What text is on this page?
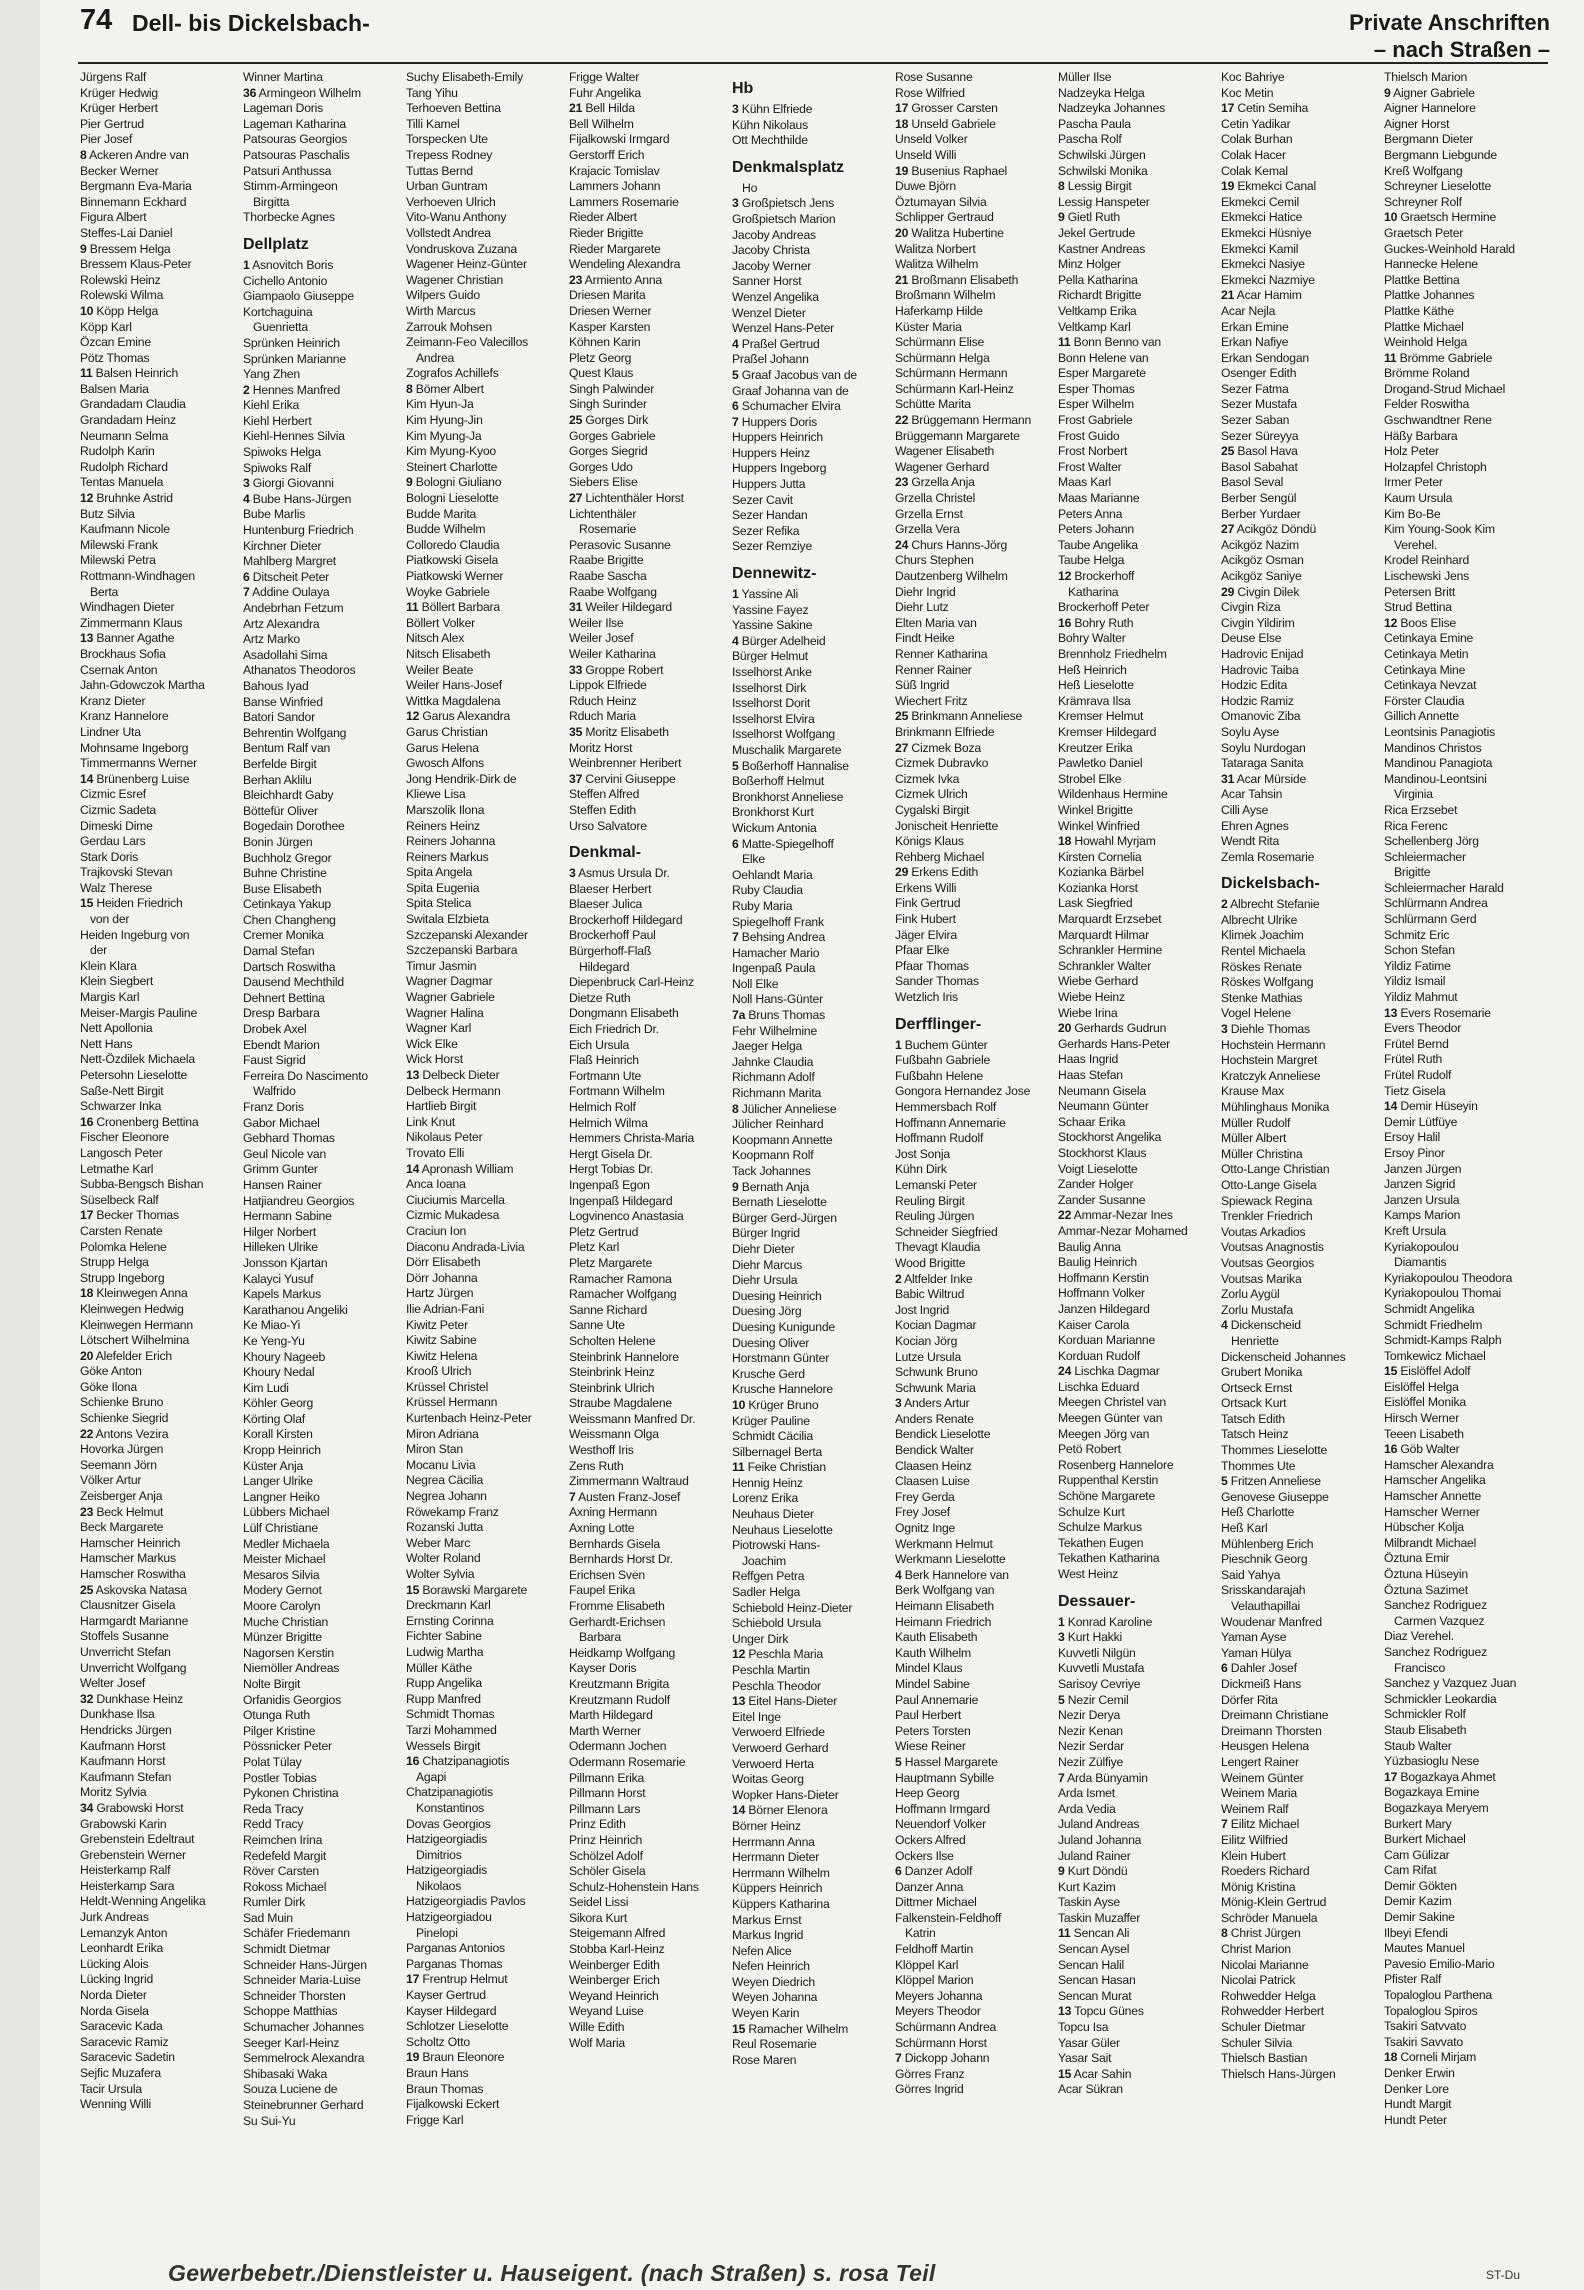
74 Dell- bis Dickelsbach-	Private Anschriften
– nach Straßen –
Jürgens Ralf
Krüger Hedwig
Krüger Herbert
Pier Gertrud
Pier Josef
8 Ackeren Andre van
Becker Werner
Bergmann Eva-Maria
Binnemann Eckhard
Figura Albert
Steffes-Lai Daniel
9 Bressem Helga
Bressem Klaus-Peter
Rolewski Heinz
Rolewski Wilma
10 Köpp Helga
Köpp Karl
Özcan Emine
Pötz Thomas
11 Balsen Heinrich
Balsen Maria
Grandadam Claudia
Grandadam Heinz
Neumann Selma
Rudolph Karin
Rudolph Richard
Tentas Manuela
12 Bruhnke Astrid
Butz Silvia
Kaufmann Nicole
Milewski Frank
Milewski Petra
Rottmann-Windhagen
Berta
Windhagen Dieter
Zimmermann Klaus
13 Banner Agathe
Brockhaus Sofia
Csernak Anton
Jahn-Gdowczok Martha
Kranz Dieter
Kranz Hannelore
Lindner Uta
Mohnsame Ingeborg
Timmermanns Werner
14 Brünenberg Luise
Cizmic Esref
Cizmic Sadeta
Dimeski Dime
Gerdau Lars
Stark Doris
Trajkovski Stevan
Walz Therese
15 Heiden Friedrich
von der
Heiden Ingeburg von
der
Klein Klara
Klein Siegbert
Margis Karl
Meiser-Margis Pauline
Nett Apollonia
Nett Hans
Nett-Özdilek Michaela
Petersohn Lieselotte
Saße-Nett Birgit
Schwarzer Inka
16 Cronenberg Bettina
Fischer Eleonore
Langosch Peter
Letmathe Karl
Subba-Bengsch Bishan
Süselbeck Ralf
17 Becker Thomas
Carsten Renate
Polomka Helene
Strupp Helga
Strupp Ingeborg
18 Kleinwegen Anna
Kleinwegen Hedwig
Kleinwegen Hermann
Lötschert Wilhelmina
20 Alefelder Erich
Göke Anton
Göke Ilona
Schienke Bruno
Schienke Siegrid
22 Antons Vezira
Hovorka Jürgen
Seemann Jörn
Völker Artur
Zeisberger Anja
23 Beck Helmut
Beck Margarete
Hamscher Heinrich
Hamscher Markus
Hamscher Roswitha
25 Askovska Natasa
Clausnitzer Gisela
Harmgardt Marianne
Stoffels Susanne
Unverricht Stefan
Unverricht Wolfgang
Welter Josef
32 Dunkhase Heinz
Dunkhase Ilsa
Hendricks Jürgen
Kaufmann Horst
Kaufmann Horst
Kaufmann Stefan
Moritz Sylvia
34 Grabowski Horst
Grabowski Karin
Grebenstein Edeltraut
Grebenstein Werner
Heisterkamp Ralf
Heisterkamp Sara
Heldt-Wenning Angelika
Jurk Andreas
Lemanzyk Anton
Leonhardt Erika
Lücking Alois
Lücking Ingrid
Norda Dieter
Norda Gisela
Saracevic Kada
Saracevic Ramiz
Saracevic Sadetin
Sejfic Muzafera
Tacir Ursula
Wenning Willi
Winner Martina
36 Armingeon Wilhelm
Lageman Doris
Lageman Katharina
Patsouras Georgios
Patsouras Paschalis
Patsuri Anthussa
Stimm-Armingeon
Birgitta
Thorbecke Agnes
Dellplatz
1 Asnovitch Boris
Cichello Antonio
Giampaolo Giuseppe
Kortchaguina
Guenrietta
Sprünken Heinrich
Sprünken Marianne
Yang Zhen
2 Hennes Manfred
Kiehl Erika
Kiehl Herbert
Kiehl-Hennes Silvia
Spiwoks Helga
Spiwoks Ralf
3 Giorgi Giovanni
4 Bube Hans-Jürgen
Bube Marlis
Huntenburg Friedrich
Kirchner Dieter
Mahlberg Margret
6 Ditscheit Peter
7 Addine Oulaya
Andebrhan Fetzum
Artz Alexandra
Artz Marko
Asadollahi Sima
Athanatos Theodoros
Bahous Iyad
Banse Winfried
Batori Sandor
Behrentin Wolfgang
Bentum Ralf van
Berfelde Birgit
Berhan Aklilu
Bleichhardt Gaby
Böttefür Oliver
Bogedain Dorothee
Bonin Jürgen
Buchholz Gregor
Buhne Christine
Buse Elisabeth
Cetinkaya Yakup
Chen Changheng
Cremer Monika
Damal Stefan
Dartsch Roswitha
Dausend Mechthild
Dehnert Bettina
Dresp Barbara
Drobek Axel
Ebendt Marion
Faust Sigrid
Ferreira Do Nascimento
Walfrido
Franz Doris
Gabor Michael
Gebhard Thomas
Geul Nicole van
Grimm Gunter
Hansen Rainer
Hatjiandreu Georgios
Hermann Sabine
Hilger Norbert
Hilleken Ulrike
Jonsson Kjartan
Kalayci Yusuf
Kapels Markus
Karathanou Angeliki
Ke Miao-Yi
Ke Yeng-Yu
Khoury Nageeb
Khoury Nedal
Kim Ludi
Köhler Georg
Körting Olaf
Korall Kirsten
Kropp Heinrich
Küster Anja
Langer Ulrike
Langner Heiko
Lübbers Michael
Lülf Christiane
Medler Michaela
Meister Michael
Mesaros Silvia
Modery Gernot
Moore Carolyn
Muche Christian
Münzer Brigitte
Nagorsen Kerstin
Niemöller Andreas
Nolte Birgit
Orfanidis Georgios
Otunga Ruth
Pilger Kristine
Pössnicker Peter
Polat Tülay
Postler Tobias
Pykonen Christina
Reda Tracy
Redd Tracy
Reimchen Irina
Redefeld Margit
Röver Carsten
Rokoss Michael
Rumler Dirk
Sad Muin
Schäfer Friedemann
Schmidt Dietmar
Schneider Hans-Jürgen
Schneider Maria-Luise
Schneider Thorsten
Schoppe Matthias
Schumacher Johannes
Seeger Karl-Heinz
Semmelrock Alexandra
Shibasaki Waka
Souza Luciene de
Steinebrunner Gerhard
Su Sui-Yu
Suchy Elisabeth-Emily
Tang Yihu
Terhoeven Bettina
Tilli Kamel
Torspecken Ute
Trepess Rodney
Tuttas Bernd
Urban Guntram
Verhoeven Ulrich
Vito-Wanu Anthony
Vollstedt Andrea
Vondruskova Zuzana
Wagener Heinz-Günter
Wagener Christian
Wilpers Guido
Wirth Marcus
Zarrouk Mohsen
Zeimann-Feo Valecillos
Andrea
Zografos Achillefs
8 Bömer Albert
Kim Hyun-Ja
Kim Hyung-Jin
Kim Myung-Ja
Kim Myung-Kyoo
Steinert Charlotte
9 Bologni Giuliano
Bologni Lieselotte
Budde Marita
Budde Wilhelm
Colloredo Claudia
Piatkowski Gisela
Piatkowski Werner
Woyke Gabriele
11 Böllert Barbara
Böllert Volker
Nitsch Alex
Nitsch Elisabeth
Weiler Beate
Weiler Hans-Josef
Wittka Magdalena
12 Garus Alexandra
Garus Christian
Garus Helena
Gwosch Alfons
Jong Hendrik-Dirk de
Kliewe Lisa
Marszolik Ilona
Reiners Heinz
Reiners Johanna
Reiners Markus
Spita Angela
Spita Eugenia
Spita Stelica
Switala Elzbieta
Szczepanski Alexander
Szczepanski Barbara
Timur Jasmin
Wagner Dagmar
Wagner Gabriele
Wagner Halina
Wagner Karl
Wick Elke
Wick Horst
13 Delbeck Dieter
Delbeck Hermann
Hartlieb Birgit
Link Knut
Nikolaus Peter
Trovato Elli
14 Apronash William
Anca Ioana
Ciuciumis Marcella
Cizmic Mukadesa
Craciun Ion
Diaconu Andrada-Livia
Dörr Elisabeth
Dörr Johanna
Hartz Jürgen
Ilie Adrian-Fani
Kiwitz Peter
Kiwitz Sabine
Kiwitz Helena
Krooß Ulrich
Krüssel Christel
Krüssel Hermann
Kurtenbach Heinz-Peter
Miron Adriana
Miron Stan
Mocanu Livia
Negrea Cäcilia
Negrea Johann
Röwekamp Franz
Rozanski Jutta
Weber Marc
Wolter Roland
Wolter Sylvia
15 Borawski Margarete
Dreckmann Karl
Ernsting Corinna
Fichter Sabine
Ludwig Martha
Müller Käthe
Rupp Angelika
Rupp Manfred
Schmidt Thomas
Tarzi Mohammed
Wessels Birgit
16 Chatzipanagiotis
Agapi
Chatzipanagiotis
Konstantinos
Dovas Georgios
Hatzigeorgiadis
Dimitrios
Hatzigeorgiadis
Nikolaos
Hatzigeorgiadis Pavlos
Hatzigeorgiadou
Pinelopi
Parganas Antonios
Parganas Thomas
17 Frentrup Helmut
Kayser Gertrud
Kayser Hildegard
Schlotzer Lieselotte
Scholtz Otto
19 Braun Eleonore
Braun Hans
Braun Thomas
Fijalkowski Eckert
Frigge Karl
Frigge Walter
Fuhr Angelika
21 Bell Hilda
Bell Wilhelm
Fijalkowski Irmgard
Gerstorff Erich
Krajacic Tomislav
Lammers Johann
Lammers Rosemarie
Rieder Albert
Rieder Brigitte
Rieder Margarete
Wendeling Alexandra
23 Armiento Anna
Driesen Marita
Driesen Werner
Kasper Karsten
Köhnen Karin
Pletz Georg
Quest Klaus
Singh Palwinder
Singh Surinder
25 Gorges Dirk
Gorges Gabriele
Gorges Siegrid
Gorges Udo
Siebers Elise
27 Lichtenthäler Horst
Lichtenthäler
Rosemarie
Perasovic Susanne
Raabe Brigitte
Raabe Sascha
Raabe Wolfgang
31 Weiler Hildegard
Weiler Ilse
Weiler Josef
Weiler Katharina
33 Groppe Robert
Lippok Elfriede
Rduch Heinz
Rduch Maria
35 Moritz Elisabeth
Moritz Horst
Weinbrenner Heribert
37 Cervini Giuseppe
Steffen Alfred
Steffen Edith
Urso Salvatore
Denkmal-
3 Asmus Ursula Dr.
Blaeser Herbert
Blaeser Julica
Brockerhoff Hildegard
Brockerhoff Paul
Bürgerhoff-Flaß
Hildegard
Diepenbruck Carl-Heinz
Dietze Ruth
Dongmann Elisabeth
Eich Friedrich Dr.
Eich Ursula
Flaß Heinrich
Fortmann Ute
Fortmann Wilhelm
Helmich Rolf
Helmich Wilma
Hemmers Christa-Maria
Hergt Gisela Dr.
Hergt Tobias Dr.
Ingenpaß Egon
Ingenpaß Hildegard
Logvinenco Anastasia
Pletz Gertrud
Pletz Karl
Pletz Margarete
Ramacher Ramona
Ramacher Wolfgang
Sanne Richard
Sanne Ute
Scholten Helene
Steinbrink Hannelore
Steinbrink Heinz
Steinbrink Ulrich
Straube Magdalene
Weissmann Manfred Dr.
Weissmann Olga
Westhoff Iris
Zens Ruth
Zimmermann Waltraud
7 Austen Franz-Josef
Axning Hermann
Axning Lotte
Bernhards Gisela
Bernhards Horst Dr.
Erichsen Sven
Faupel Erika
Fromme Elisabeth
Gerhardt-Erichsen
Barbara
Heidkamp Wolfgang
Kayser Doris
Kreutzmann Brigita
Kreutzmann Rudolf
Marth Hildegard
Marth Werner
Odermann Jochen
Odermann Rosemarie
Pillmann Erika
Pillmann Horst
Pillmann Lars
Prinz Edith
Prinz Heinrich
Schölzel Adolf
Schöler Gisela
Schulz-Hohenstein Hans
Seidel Lissi
Sikora Kurt
Steigemann Alfred
Stobba Karl-Heinz
Weinberger Edith
Weinberger Erich
Weyand Heinrich
Weyand Luise
Wille Edith
Wolf Maria
Hb
3 Kühn Elfriede
Kühn Nikolaus
Ott Mechthilde
Denkmalsplatz
Ho
3 Großpietsch Jens
Großpietsch Marion
Jacoby Andreas
Jacoby Christa
Jacoby Werner
Sanner Horst
Wenzel Angelika
Wenzel Dieter
Wenzel Hans-Peter
4 Praßel Gertrud
Praßel Johann
5 Graaf Jacobus van de
Graaf Johanna van de
6 Schumacher Elvira
7 Huppers Doris
Huppers Heinrich
Huppers Heinz
Huppers Ingeborg
Huppers Jutta
Sezer Cavit
Sezer Handan
Sezer Refika
Sezer Remziye
Dennewitz-
1 Yassine Ali
Yassine Fayez
Yassine Sakine
4 Bürger Adelheid
Bürger Helmut
Isselhorst Anke
Isselhorst Dirk
Isselhorst Dorit
Isselhorst Elvira
Isselhorst Wolfgang
Muschalik Margarete
5 Boßerhoff Hannalise
Boßerhoff Helmut
Bronkhorst Anneliese
Bronkhorst Kurt
Wickum Antonia
6 Matte-Spiegelhoff
Elke
Oehlandt Maria
Ruby Claudia
Ruby Maria
Spiegelhoff Frank
7 Behsing Andrea
Hamacher Mario
Ingenpaß Paula
Noll Elke
Noll Hans-Günter
7a Bruns Thomas
Fehr Wilhelmine
Jaeger Helga
Jahnke Claudia
Richmann Adolf
Richmann Marita
8 Jülicher Anneliese
Jülicher Reinhard
Koopmann Annette
Koopmann Rolf
Tack Johannes
9 Bernath Anja
Bernath Lieselotte
Bürger Gerd-Jürgen
Bürger Ingrid
Diehr Dieter
Diehr Marcus
Diehr Ursula
Duesing Heinrich
Duesing Jörg
Duesing Kunigunde
Duesing Oliver
Horstmann Günter
Krusche Gerd
Krusche Hannelore
10 Krüger Bruno
Krüger Pauline
Schmidt Cäcilia
Silbernagel Berta
11 Feike Christian
Hennig Heinz
Lorenz Erika
Neuhaus Dieter
Neuhaus Lieselotte
Piotrowski Hans-
Joachim
Reffgen Petra
Sadler Helga
Schiebold Heinz-Dieter
Schiebold Ursula
Unger Dirk
12 Peschla Maria
Peschla Martin
Peschla Theodor
13 Eitel Hans-Dieter
Eitel Inge
Verwoerd Elfriede
Verwoerd Gerhard
Verwoerd Herta
Woitas Georg
Wopker Hans-Dieter
14 Börner Elenora
Börner Heinz
Herrmann Anna
Herrmann Dieter
Herrmann Wilhelm
Küppers Heinrich
Küppers Katharina
Markus Ernst
Markus Ingrid
Nefen Alice
Nefen Heinrich
Weyen Diedrich
Weyen Johanna
Weyen Karin
15 Ramacher Wilhelm
Reul Rosemarie
Rose Maren
Rose Susanne
Rose Wilfried
17 Grosser Carsten
18 Unseld Gabriele
Unseld Volker
Unseld Willi
19 Busenius Raphael
Duwe Björn
Öztumayan Silvia
Schlipper Gertraud
20 Walitza Hubertine
Walitza Norbert
Walitza Wilhelm
21 Broßmann Elisabeth
Broßmann Wilhelm
Haferkamp Hilde
Küster Maria
Schürmann Elise
Schürmann Helga
Schürmann Hermann
Schürmann Karl-Heinz
Schütte Marita
22 Brüggemann Hermann
Brüggemann Margarete
Wagener Elisabeth
Wagener Gerhard
23 Grzella Anja
Grzella Christel
Grzella Ernst
Grzella Vera
24 Churs Hanns-Jörg
Churs Stephen
Dautzenberg Wilhelm
Diehr Ingrid
Diehr Lutz
Elten Maria van
Findt Heike
Renner Katharina
Renner Rainer
Süß Ingrid
Wiechert Fritz
25 Brinkmann Anneliese
Brinkmann Elfriede
27 Cizmek Boza
Cizmek Dubravko
Cizmek Ivka
Cizmek Ulrich
Cygalski Birgit
Jonischeit Henriette
Königs Klaus
Rehberg Michael
29 Erkens Edith
Erkens Willi
Fink Gertrud
Fink Hubert
Jäger Elvira
Pfaar Elke
Pfaar Thomas
Sander Thomas
Wetzlich Iris
Derfflinger-
1 Buchem Günter
Fußbahn Gabriele
Fußbahn Helene
Gongora Hernandez Jose
Hemmersbach Rolf
Hoffmann Annemarie
Hoffmann Rudolf
Jost Sonja
Kühn Dirk
Lemanski Peter
Reuling Birgit
Reuling Jürgen
Schneider Siegfried
Thevagt Klaudia
Wood Brigitte
2 Altfelder Inke
Babic Wiltrud
Jost Ingrid
Kocian Dagmar
Kocian Jörg
Lutze Ursula
Schwunk Bruno
Schwunk Maria
3 Anders Artur
Anders Renate
Bendick Lieselotte
Bendick Walter
Claasen Heinz
Claasen Luise
Frey Gerda
Frey Josef
Ognitz Inge
Werkmann Helmut
Werkmann Lieselotte
4 Berk Hannelore van
Berk Wolfgang van
Heimann Elisabeth
Heimann Friedrich
Kauth Elisabeth
Kauth Wilhelm
Mindel Klaus
Mindel Sabine
Paul Annemarie
Paul Herbert
Peters Torsten
Wiese Reiner
5 Hassel Margarete
Hauptmann Sybille
Heep Georg
Hoffmann Irmgard
Neuendorf Volker
Ockers Alfred
Ockers Ilse
6 Danzer Adolf
Danzer Anna
Dittmer Michael
Falkenstein-Feldhoff
Katrin
Feldhoff Martin
Klöppel Karl
Klöppel Marion
Meyers Johanna
Meyers Theodor
Schürmann Andrea
Schürmann Horst
7 Dickopp Johann
Görres Franz
Görres Ingrid
Müller Ilse
Nadzeyka Helga
Nadzeyka Johannes
Pascha Paula
Pascha Rolf
Schwilski Jürgen
Schwilski Monika
8 Lessig Birgit
Lessig Hanspeter
9 Gietl Ruth
Jekel Gertrude
Kastner Andreas
Minz Holger
Pella Katharina
Richardt Brigitte
Veltkamp Erika
Veltkamp Karl
11 Bonn Benno van
Bonn Helene van
Esper Margarete
Esper Thomas
Esper Wilhelm
Frost Gabriele
Frost Guido
Frost Norbert
Frost Walter
Maas Karl
Maas Marianne
Peters Anna
Peters Johann
Taube Angelika
Taube Helga
12 Brockerhoff
Katharina
Brockerhoff Peter
16 Bohry Ruth
Bohry Walter
Brennholz Friedhelm
Heß Heinrich
Heß Lieselotte
Krämrava Ilsa
Kremser Helmut
Kremser Hildegard
Kreutzer Erika
Pawletko Daniel
Strobel Elke
Wildenhaus Hermine
Winkel Brigitte
Winkel Winfried
18 Howahl Myrjam
Kirsten Cornelia
Kozianka Bärbel
Kozianka Horst
Lask Siegfried
Marquardt Erzsebet
Marquardt Hilmar
Schrankler Hermine
Schrankler Walter
Wiebe Gerhard
Wiebe Heinz
Wiebe Irina
20 Gerhards Gudrun
Gerhards Hans-Peter
Haas Ingrid
Haas Stefan
Neumann Gisela
Neumann Günter
Schaar Erika
Stockhorst Angelika
Stockhorst Klaus
Voigt Lieselotte
Zander Holger
Zander Susanne
22 Ammar-Nezar Ines
Ammar-Nezar Mohamed
Baulig Anna
Baulig Heinrich
Hoffmann Kerstin
Hoffmann Volker
Janzen Hildegard
Kaiser Carola
Korduan Marianne
Korduan Rudolf
24 Lischka Dagmar
Lischka Eduard
Meegen Christel van
Meegen Günter van
Meegen Jörg van
Petö Robert
Rosenberg Hannelore
Ruppenthal Kerstin
Schöne Margarete
Schulze Kurt
Schulze Markus
Tekathen Eugen
Tekathen Katharina
West Heinz
Dessauer-
1 Konrad Karoline
3 Kurt Hakki
Kuvvetli Nilgün
Kuvvetli Mustafa
Sarisoy Cevriye
5 Nezir Cemil
Nezir Derya
Nezir Kenan
Nezir Serdar
Nezir Zülfiye
7 Arda Bünyamin
Arda Ismet
Arda Vedia
Juland Andreas
Juland Johanna
Juland Rainer
9 Kurt Döndü
Kurt Kazim
Taskin Ayse
Taskin Muzaffer
11 Sencan Ali
Sencan Aysel
Sencan Halil
Sencan Hasan
Sencan Murat
13 Topcu Günes
Topcu Isa
Yasar Güler
Yasar Sait
15 Acar Sahin
Acar Sükran
Koc Bahriye
Koc Metin
17 Cetin Semiha
Cetin Yadikar
Colak Burhan
Colak Hacer
Colak Kemal
19 Ekmekci Canal
Ekmekci Cemil
Ekmekci Hatice
Ekmekci Hüsniye
Ekmekci Kamil
Ekmekci Nasiye
Ekmekci Nazmiye
21 Acar Hamim
Acar Nejla
Erkan Emine
Erkan Nafiye
Erkan Sendogan
Osenger Edith
Sezer Fatma
Sezer Mustafa
Sezer Saban
Sezer Süreyya
25 Basol Hava
Basol Sabahat
Basol Seval
Berber Sengül
Berber Yurdaer
27 Acikgöz Döndü
Acikgöz Nazim
Acikgöz Osman
Acikgöz Saniye
29 Civgin Dilek
Civgin Riza
Civgin Yildirim
Deuse Else
Hadrovic Enijad
Hadrovic Taiba
Hodzic Edita
Hodzic Ramiz
Omanovic Ziba
Soylu Ayse
Soylu Nurdogan
Tataraga Sanita
31 Acar Mürside
Acar Tahsin
Cilli Ayse
Ehren Agnes
Wendt Rita
Zemla Rosemarie
Dickelsbach-
2 Albrecht Stefanie
Albrecht Ulrike
Klimek Joachim
Rentel Michaela
Röskes Renate
Röskes Wolfgang
Stenke Mathias
Vogel Helene
3 Diehle Thomas
Hochstein Hermann
Hochstein Margret
Kratczyk Anneliese
Krause Max
Mühlinghaus Monika
Müller Rudolf
Müller Albert
Müller Christina
Otto-Lange Christian
Otto-Lange Gisela
Spiewack Regina
Trenkler Friedrich
Voutas Arkadios
Voutsas Anagnostis
Voutsas Georgios
Voutsas Marika
Zorlu Aygül
Zorlu Mustafa
4 Dickenscheid
Henriette
Dickenscheid Johannes
Grubert Monika
Ortseck Ernst
Ortsack Kurt
Tatsch Edith
Tatsch Heinz
Thommes Lieselotte
Thommes Ute
5 Fritzen Anneliese
Genovese Giuseppe
Heß Charlotte
Heß Karl
Mühlenberg Erich
Pieschnik Georg
Said Yahya
Srisskandarajah
Velauthapillai
Woudenar Manfred
Yaman Ayse
Yaman Hülya
6 Dahler Josef
Dickmeiß Hans
Dörfer Rita
Dreimann Christiane
Dreimann Thorsten
Heusgen Helena
Lengert Rainer
Weinem Günter
Weinem Maria
Weinem Ralf
7 Eilitz Michael
Eilitz Wilfried
Klein Hubert
Roeders Richard
Mönig Kristina
Mönig-Klein Gertrud
Schröder Manuela
8 Christ Jürgen
Christ Marion
Nicolai Marianne
Nicolai Patrick
Rohwedder Helga
Rohwedder Herbert
Schuler Dietmar
Schuler Silvia
Thielsch Bastian
Thielsch Hans-Jürgen
Thielsch Marion
9 Aigner Gabriele
Aigner Hannelore
Aigner Horst
Bergmann Dieter
Bergmann Liebgunde
Kreß Wolfgang
Schreyner Lieselotte
Schreyner Rolf
10 Graetsch Hermine
Graetsch Peter
Guckes-Weinhold Harald
Hannecke Helene
Plattke Bettina
Plattke Johannes
Plattke Käthe
Plattke Michael
Weinhold Helga
11 Brömme Gabriele
Brömme Roland
Drogand-Strud Michael
Felder Roswitha
Gschwandtner Rene
Häßy Barbara
Holz Peter
Holzapfel Christoph
Irmer Peter
Kaum Ursula
Kim Bo-Be
Kim Young-Sook Kim
Verehel.
Krodel Reinhard
Lischewski Jens
Petersen Britt
Strud Bettina
12 Boos Elise
Cetinkaya Emine
Cetinkaya Metin
Cetinkaya Mine
Cetinkaya Nevzat
Förster Claudia
Gillich Annette
Leontsinis Panagiotis
Mandinos Christos
Mandinou Panagiota
Mandinou-Leontsini
Virginia
Rica Erzsebet
Rica Ferenc
Schellenberg Jörg
Schleiermacher
Brigitte
Schleiermacher Harald
Schlürmann Andrea
Schlürmann Gerd
Schmitz Eric
Schon Stefan
Yildiz Fatime
Yildiz Ismail
Yildiz Mahmut
13 Evers Rosemarie
Evers Theodor
Frütel Bernd
Frütel Ruth
Frütel Rudolf
Tietz Gisela
14 Demir Hüseyin
Demir Lütfüye
Ersoy Halil
Ersoy Pinor
Janzen Jürgen
Janzen Sigrid
Janzen Ursula
Kamps Marion
Kreft Ursula
Kyriakopoulou
Diamantis
Kyriakopoulou Theodora
Kyriakopoulou Thomai
Schmidt Angelika
Schmidt Friedhelm
Schmidt-Kamps Ralph
Tomkewicz Michael
15 Eislöffel Adolf
Eislöffel Helga
Eislöffel Monika
Hirsch Werner
Teeen Lisabeth
16 Göb Walter
Hamscher Alexandra
Hamscher Angelika
Hamscher Annette
Hamscher Werner
Hübscher Kolja
Milbrandt Michael
Öztuna Emir
Öztuna Hüseyin
Öztuna Sazimet
Sanchez Rodriguez
Carmen Vazquez
Diaz Verehel.
Sanchez Rodriguez
Francisco
Sanchez y Vazquez Juan
Schmickler Leokardia
Schmickler Rolf
Staub Elisabeth
Staub Walter
Yüzbasioglu Nese
17 Bogazkaya Ahmet
Bogazkaya Emine
Bogazkaya Meryem
Burkert Mary
Burkert Michael
Cam Gülizar
Cam Rifat
Demir Gökten
Demir Kazim
Demir Sakine
Ilbeyi Efendi
Mautes Manuel
Pavesio Emilio-Mario
Pfister Ralf
Topaloglou Parthena
Topaloglou Spiros
Tsakiri Satvvato
Tsakiri Savvato
18 Corneli Mirjam
Denker Erwin
Denker Lore
Hundt Margit
Hundt Peter
Gewerbebetr./Dienstleister u. Hauseigent. (nach Straßen) s. rosa Teil	ST-Du
